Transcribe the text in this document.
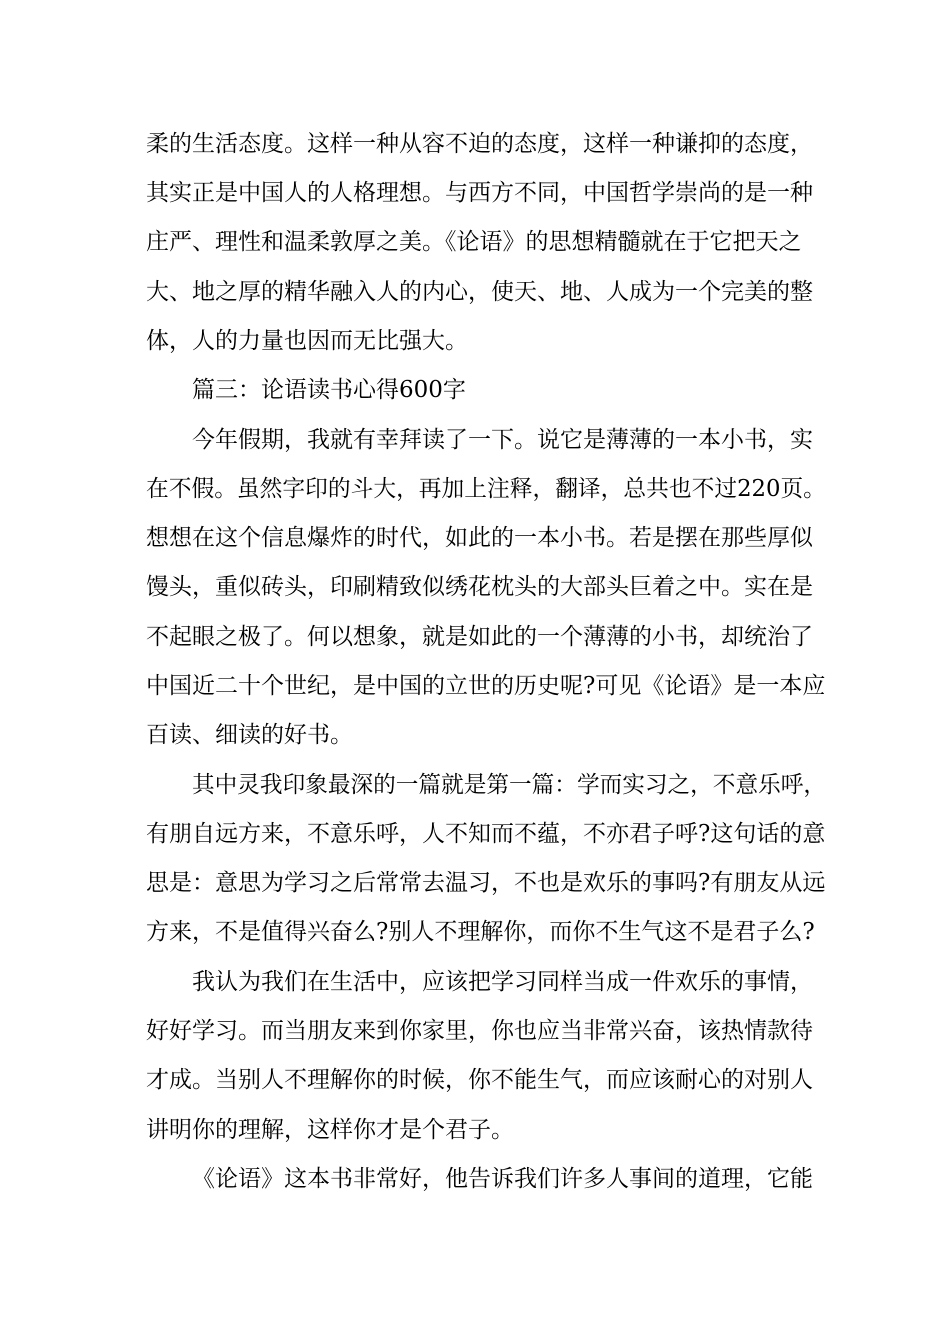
柔的生活态度。这样一种从容不迫的态度，这样一种谦抑的态度，
其实正是中国人的人格理想。与西方不同，中国哲学崇尚的是一种
庄严、理性和温柔敦厚之美。《论语》的思想精髓就在于它把天之
大、地之厚的精华融入人的内心，使天、地、人成为一个完美的整
体，人的力量也因而无比强大。
篇三：论语读书心得600字
今年假期，我就有幸拜读了一下。说它是薄薄的一本小书，实
在不假。虽然字印的斗大，再加上注释，翻译，总共也不过220页。
想想在这个信息爆炸的时代，如此的一本小书。若是摆在那些厚似
馒头，重似砖头，印刷精致似绣花枕头的大部头巨着之中。实在是
不起眼之极了。何以想象，就是如此的一个薄薄的小书，却统治了
中国近二十个世纪，是中国的立世的历史呢?可见《论语》是一本应
百读、细读的好书。
其中灵我印象最深的一篇就是第一篇：学而实习之，不意乐呼，
有朋自远方来，不意乐呼，人不知而不蕴，不亦君子呼?这句话的意
思是：意思为学习之后常常去温习，不也是欢乐的事吗?有朋友从远
方来，不是值得兴奋么?别人不理解你，而你不生气这不是君子么?
我认为我们在生活中，应该把学习同样当成一件欢乐的事情，
好好学习。而当朋友来到你家里，你也应当非常兴奋，该热情款待
才成。当别人不理解你的时候，你不能生气，而应该耐心的对别人
讲明你的理解，这样你才是个君子。
《论语》这本书非常好，他告诉我们许多人事间的道理，它能
